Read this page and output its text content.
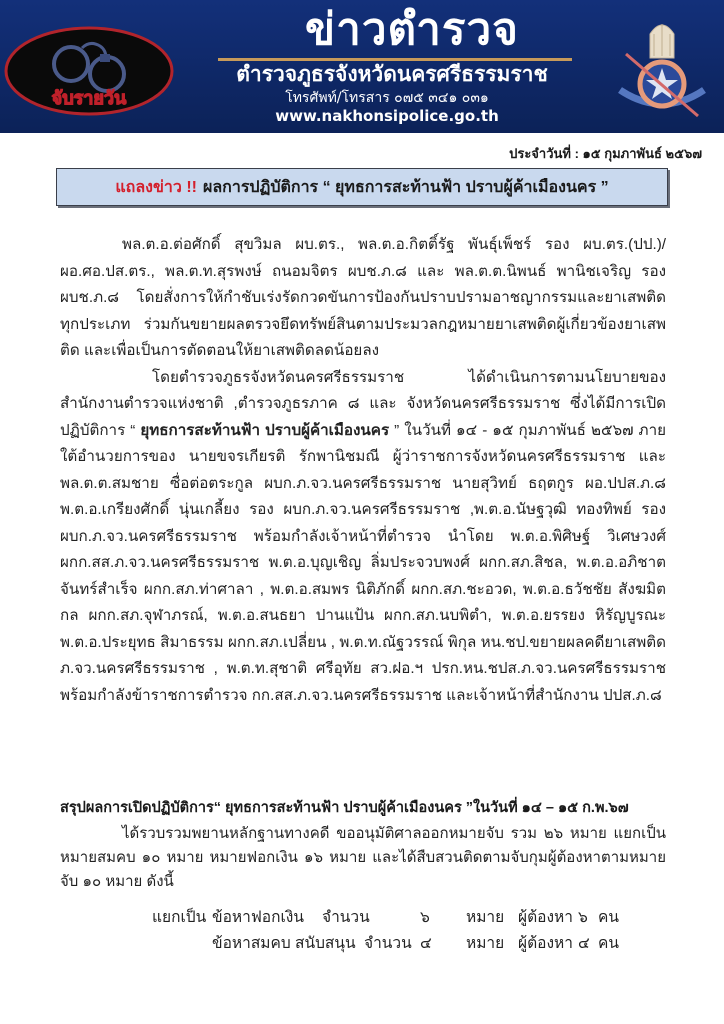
จับรายวัน
ข่าวตำรวจ
ตำรวจภูธรจังหวัดนครศรีธรรมราช
โทรศัพท์/โทรสาร ๐๗๕ ๓๔๑ ๐๓๑
www.nakhonsipolice.go.th
ประจำวันที่ : ๑๕ กุมภาพันธ์ ๒๕๖๗
แถลงข่าว !! ผลการปฏิบัติการ “ ยุทธการสะท้านฟ้า ปราบผู้ค้าเมืองนคร ”

พล.ต.อ.ต่อศักดิ์ สุขวิมล ผบ.ตร., พล.ต.อ.กิตติ์รัฐ พันธุ์เพ็ชร์ รอง ผบ.ตร.(ปป.)/ผอ.ศอ.ปส.ตร., พล.ต.ท.สุรพงษ์ ถนอมจิตร ผบช.ภ.๘ และ พล.ต.ต.นิพนธ์ พานิชเจริญ รอง ผบช.ภ.๘ โดยสั่งการให้กำชับเร่งรัดกวดขันการป้องกันปราบปรามอาชญากรรมและยาเสพติดทุกประเภท ร่วมกันขยายผลตรวจยึดทรัพย์สินตามประมวลกฎหมายยาเสพติดผู้เกี่ยวข้องยาเสพติด และเพื่อเป็นการตัดตอนให้ยาเสพติดลดน้อยลง

โดยตำรวจภูธรจังหวัดนครศรีธรรมราช ได้ดำเนินการตามนโยบายของสำนักงานตำรวจแห่งชาติ ,ตำรวจภูธรภาค ๘ และ จังหวัดนครศรีธรรมราช ซึ่งได้มีการเปิดปฏิบัติการ “ ยุทธการสะท้านฟ้า ปราบผู้ค้าเมืองนคร ” ในวันที่ ๑๔ - ๑๕ กุมภาพันธ์ ๒๕๖๗ ภายใต้อำนวยการของ นายขจรเกียรติ รักพานิชมณี ผู้ว่าราชการจังหวัดนครศรีธรรมราช และ พล.ต.ต.สมชาย ซื่อต่อตระกูล ผบก.ภ.จว.นครศรีธรรมราช นายสุวิทย์ ธฤตกูร ผอ.ปปส.ภ.๘ พ.ต.อ.เกรียงศักดิ์ นุ่นเกลี้ยง รอง ผบก.ภ.จว.นครศรีธรรมราช ,พ.ต.อ.นัษฐวุฒิ ทองทิพย์ รอง ผบก.ภ.จว.นครศรีธรรมราช พร้อมกำลังเจ้าหน้าที่ตำรวจ นำโดย พ.ต.อ.พิศิษฐ์ วิเศษวงศ์ ผกก.สส.ภ.จว.นครศรีธรรมราช พ.ต.อ.บุญเชิญ ลิ่มประจวบพงศ์ ผกก.สภ.สิชล, พ.ต.อ.อภิชาต จันทร์สำเร็จ ผกก.สภ.ท่าศาลา , พ.ต.อ.สมพร นิติภักดิ์ ผกก.สภ.ชะอวด, พ.ต.อ.ธวัชชัย สังฆมิตกล ผกก.สภ.จุฬาภรณ์, พ.ต.อ.สนธยา ปานแป้น ผกก.สภ.นบพิตำ, พ.ต.อ.ยรรยง หิรัญบูรณะ พ.ต.อ.ประยุทธ สิมาธรรม ผกก.สภ.เปลี่ยน , พ.ต.ท.ณัฐวรรณ์ พิกุล หน.ชป.ขยายผลคดียาเสพติด ภ.จว.นครศรีธรรมราช , พ.ต.ท.สุชาติ ศรีอุทัย สว.ฝอ.ฯ ปรก.หน.ชปส.ภ.จว.นครศรีธรรมราช พร้อมกำลังข้าราชการตำรวจ กก.สส.ภ.จว.นครศรีธรรมราช และเจ้าหน้าที่สำนักงาน ปปส.ภ.๘

สรุปผลการเปิดปฏิบัติการ“ ยุทธการสะท้านฟ้า ปราบผู้ค้าเมืองนคร ”ในวันที่ ๑๔ – ๑๕ ก.พ.๖๗

ได้รวบรวมพยานหลักฐานทางคดี ขออนุมัติศาลออกหมายจับ รวม ๒๖ หมาย แยกเป็น หมายสมคบ ๑๐ หมาย หมายฟอกเงิน ๑๖ หมาย และได้สืบสวนติดตามจับกุมผู้ต้องหาตามหมายจับ ๑๐ หมาย ดังนี้

แยกเป็น ข้อหาฟอกเงิน จำนวน	๖ หมาย ผู้ต้องหา ๖ คน
ข้อหาสมคบ สนับสนุน จำนวน ๔ หมาย ผู้ต้องหา ๔ คน
